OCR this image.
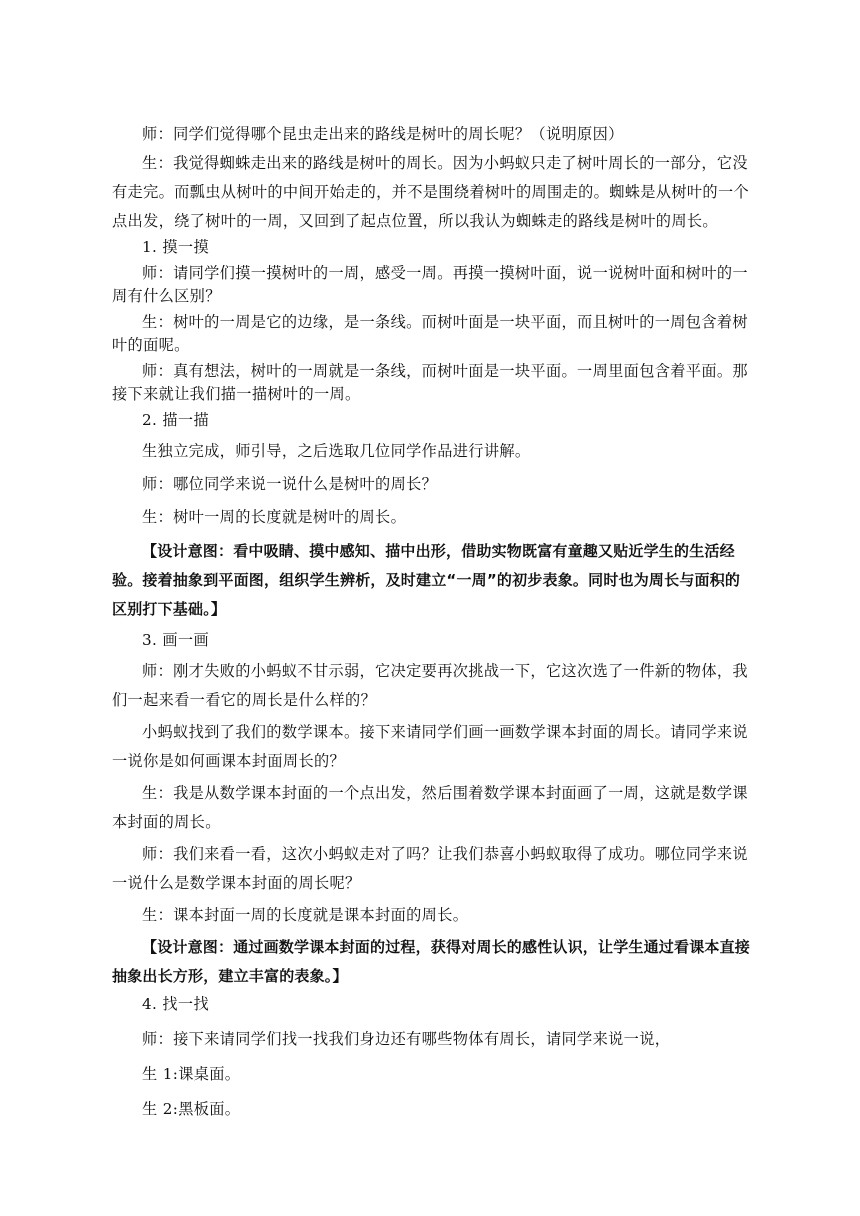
师：同学们觉得哪个昆虫走出来的路线是树叶的周长呢？（说明原因）

生：我觉得蜘蛛走出来的路线是树叶的周长。因为小蚂蚁只走了树叶周长的一部分，它没有走完。而瓢虫从树叶的中间开始走的，并不是围绕着树叶的周围走的。蜘蛛是从树叶的一个点出发，绕了树叶的一周，又回到了起点位置，所以我认为蜘蛛走的路线是树叶的周长。

1. 摸一摸

师：请同学们摸一摸树叶的一周，感受一周。再摸一摸树叶面，说一说树叶面和树叶的一周有什么区别？

生：树叶的一周是它的边缘，是一条线。而树叶面是一块平面，而且树叶的一周包含着树叶的面呢。

师：真有想法，树叶的一周就是一条线，而树叶面是一块平面。一周里面包含着平面。那接下来就让我们描一描树叶的一周。

2. 描一描

生独立完成，师引导，之后选取几位同学作品进行讲解。

师：哪位同学来说一说什么是树叶的周长？

生：树叶一周的长度就是树叶的周长。

【设计意图：看中吸睛、摸中感知、描中出形，借助实物既富有童趣又贴近学生的生活经验。接着抽象到平面图，组织学生辨析，及时建立“一周”的初步表象。同时也为周长与面积的区别打下基础。】

3. 画一画

师：刚才失败的小蚂蚁不甘示弱，它决定要再次挑战一下，它这次选了一件新的物体，我们一起来看一看它的周长是什么样的？

小蚂蚁找到了我们的数学课本。接下来请同学们画一画数学课本封面的周长。请同学来说一说你是如何画课本封面周长的？

生：我是从数学课本封面的一个点出发，然后围着数学课本封面画了一周，这就是数学课本封面的周长。

师：我们来看一看，这次小蚂蚁走对了吗？让我们恭喜小蚂蚁取得了成功。哪位同学来说一说什么是数学课本封面的周长呢？

生：课本封面一周的长度就是课本封面的周长。

【设计意图：通过画数学课本封面的过程，获得对周长的感性认识，让学生通过看课本直接抽象出长方形，建立丰富的表象。】

4. 找一找

师：接下来请同学们找一找我们身边还有哪些物体有周长，请同学来说一说，

生 1:课桌面。

生 2:黑板面。
